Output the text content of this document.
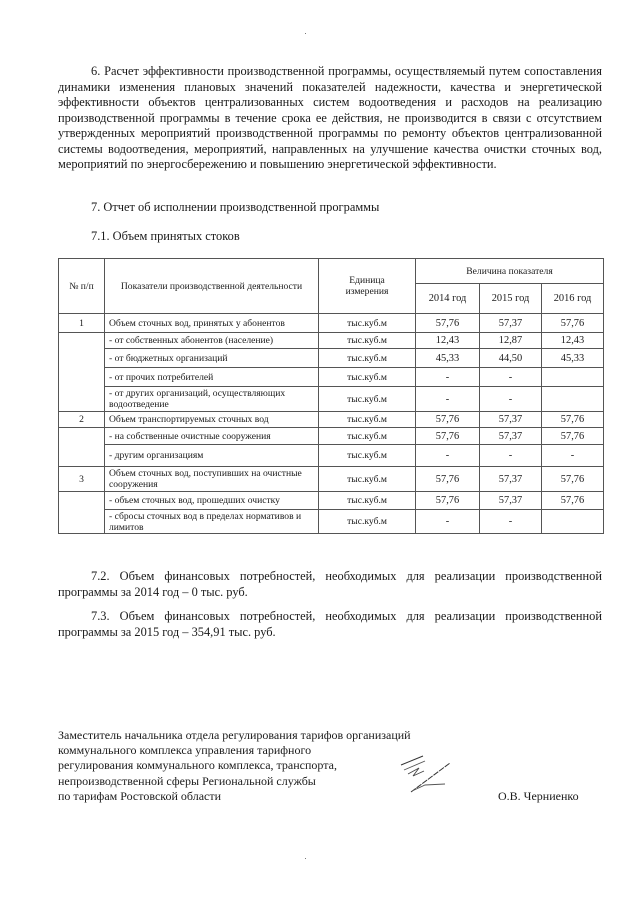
6. Расчет эффективности производственной программы, осуществляемый путем сопоставления динамики изменения плановых значений показателей надежности, качества и энергетической эффективности объектов централизованных систем водоотведения и расходов на реализацию производственной программы в течение срока ее действия, не производится в связи с отсутствием утвержденных мероприятий производственной программы по ремонту объектов централизованной системы водоотведения, мероприятий, направленных на улучшение качества очистки сточных вод, мероприятий по энергосбережению и повышению энергетической эффективности.
7. Отчет об исполнении производственной программы
7.1. Объем принятых стоков
№ п/п	Показатели производственной деятельности	Единица
измерения	Величина показателя		
			2014 год	2015 год	2016 год
1	Объем сточных вод, принятых у абонентов	тыс.куб.м	57,76	57,37	57,76
	- от собственных абонентов (население)	тыс.куб.м	12,43	12,87	12,43
	- от бюджетных организаций	тыс.куб.м	45,33	44,50	45,33
	- от прочих потребителей	тыс.куб.м	-	-	
	- от других организаций, осуществляющих водоотведение	тыс.куб.м	-	-	
2	Объем транспортируемых сточных вод	тыс.куб.м	57,76	57,37	57,76
	- на собственные очистные сооружения	тыс.куб.м	57,76	57,37	57,76
	- другим организациям	тыс.куб.м	-	-	-
3	Объем сточных вод, поступивших на очистные сооружения	тыс.куб.м	57,76	57,37	57,76
	- объем сточных вод, прошедших очистку	тыс.куб.м	57,76	57,37	57,76
	- сбросы сточных вод в пределах нормативов и лимитов	тыс.куб.м	-	-	
7.2. Объем финансовых потребностей, необходимых для реализации производственной программы за 2014 год – 0 тыс. руб.
7.3. Объем финансовых потребностей, необходимых для реализации производственной программы за 2015 год – 354,91 тыс. руб.
Заместитель начальника отдела регулирования тарифов организаций
коммунального комплекса управления тарифного
регулирования коммунального комплекса, транспорта,
непроизводственной сферы Региональной службы
по тарифам Ростовской области	О.В. Черниенко
